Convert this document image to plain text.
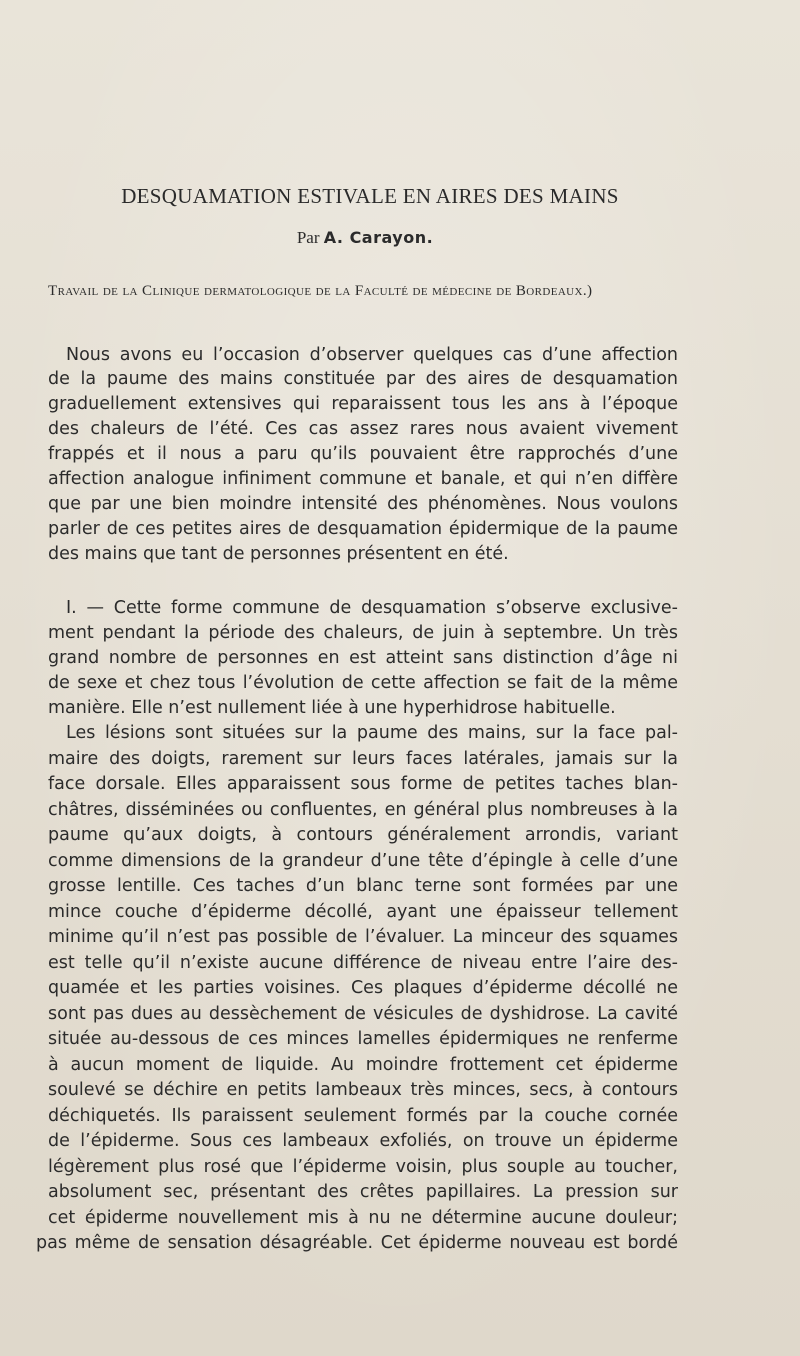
DESQUAMATION ESTIVALE EN AIRES DES MAINS
Par A. Carayon.
Travail de la Clinique dermatologique de la Faculté de médecine de Bordeaux.)
Nous avons eu l’occasion d’observer quelques cas d’une affection
de la paume des mains constituée par des aires de desquamation
graduellement extensives qui reparaissent tous les ans à l’époque
des chaleurs de l’été. Ces cas assez rares nous avaient vivement
frappés et il nous a paru qu’ils pouvaient être rapprochés d’une
affection analogue infiniment commune et banale, et qui n’en diffère
que par une bien moindre intensité des phénomènes. Nous voulons
parler de ces petites aires de desquamation épidermique de la paume
des mains que tant de personnes présentent en été.
I. — Cette forme commune de desquamation s’observe exclusive-
ment pendant la période des chaleurs, de juin à septembre. Un très
grand nombre de personnes en est atteint sans distinction d’âge ni
de sexe et chez tous l’évolution de cette affection se fait de la même
manière. Elle n’est nullement liée à une hyperhidrose habituelle.
Les lésions sont situées sur la paume des mains, sur la face pal-
maire des doigts, rarement sur leurs faces latérales, jamais sur la
face dorsale. Elles apparaissent sous forme de petites taches blan-
châtres, disséminées ou confluentes, en général plus nombreuses à la
paume qu’aux doigts, à contours généralement arrondis, variant
comme dimensions de la grandeur d’une tête d’épingle à celle d’une
grosse lentille. Ces taches d’un blanc terne sont formées par une
mince couche d’épiderme décollé, ayant une épaisseur tellement
minime qu’il n’est pas possible de l’évaluer. La minceur des squames
est telle qu’il n’existe aucune différence de niveau entre l’aire des-
quamée et les parties voisines. Ces plaques d’épiderme décollé ne
sont pas dues au dessèchement de vésicules de dyshidrose. La cavité
située au-dessous de ces minces lamelles épidermiques ne renferme
à aucun moment de liquide. Au moindre frottement cet épiderme
soulevé se déchire en petits lambeaux très minces, secs, à contours
déchiquetés. Ils paraissent seulement formés par la couche cornée
de l’épiderme. Sous ces lambeaux exfoliés, on trouve un épiderme
légèrement plus rosé que l’épiderme voisin, plus souple au toucher,
absolument sec, présentant des crêtes papillaires. La pression sur
cet épiderme nouvellement mis à nu ne détermine aucune douleur;
pas même de sensation désagréable. Cet épiderme nouveau est bordé
